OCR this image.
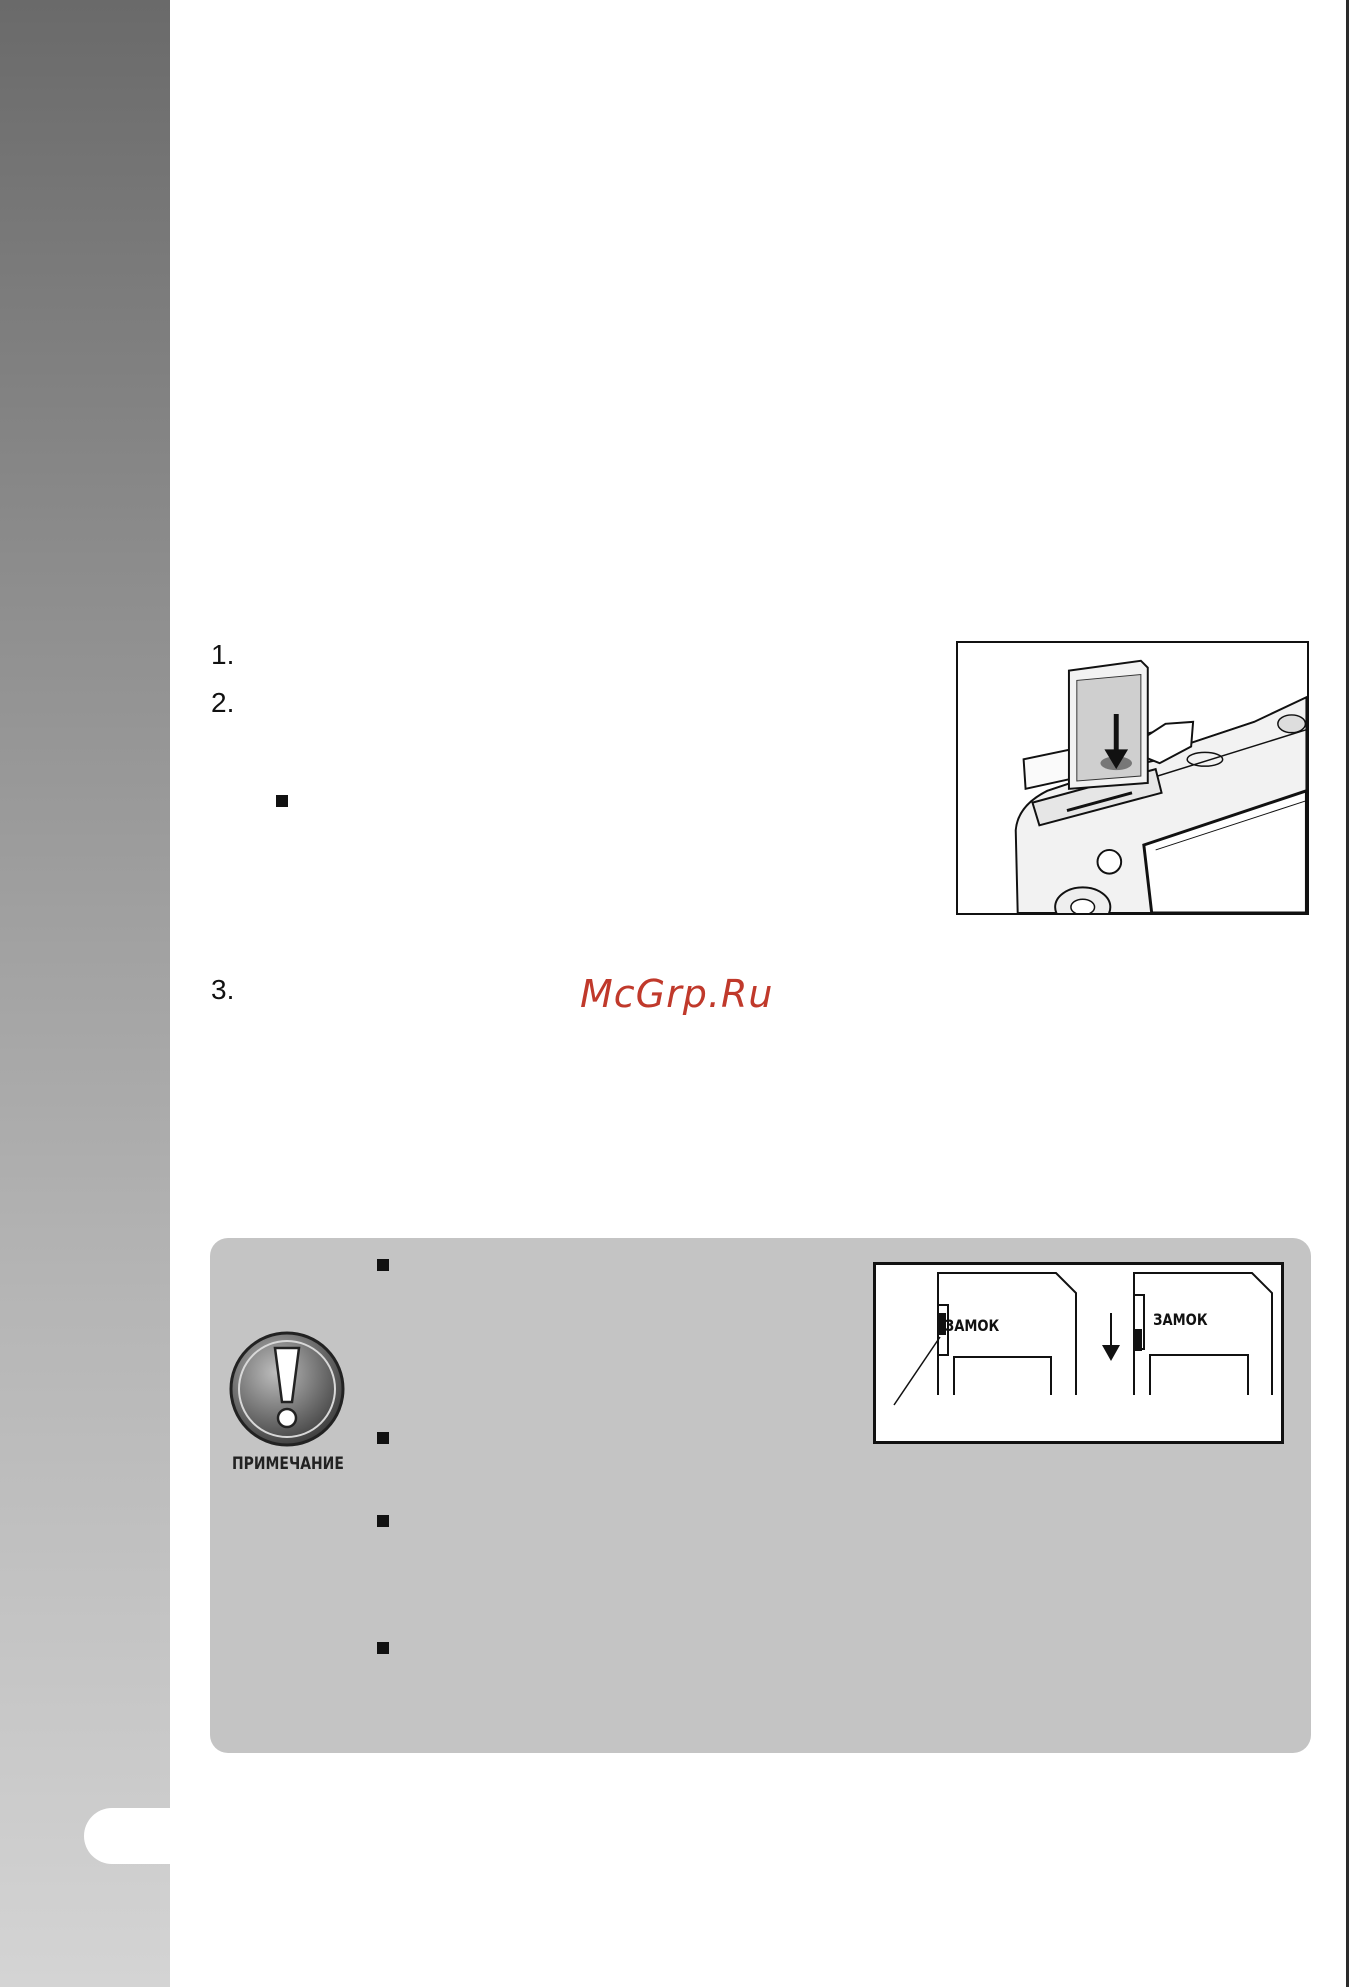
1.
2.
3.	McGrp.Ru
ПРИМЕЧАНИЕ
ЗАМОК	ЗАМОК
